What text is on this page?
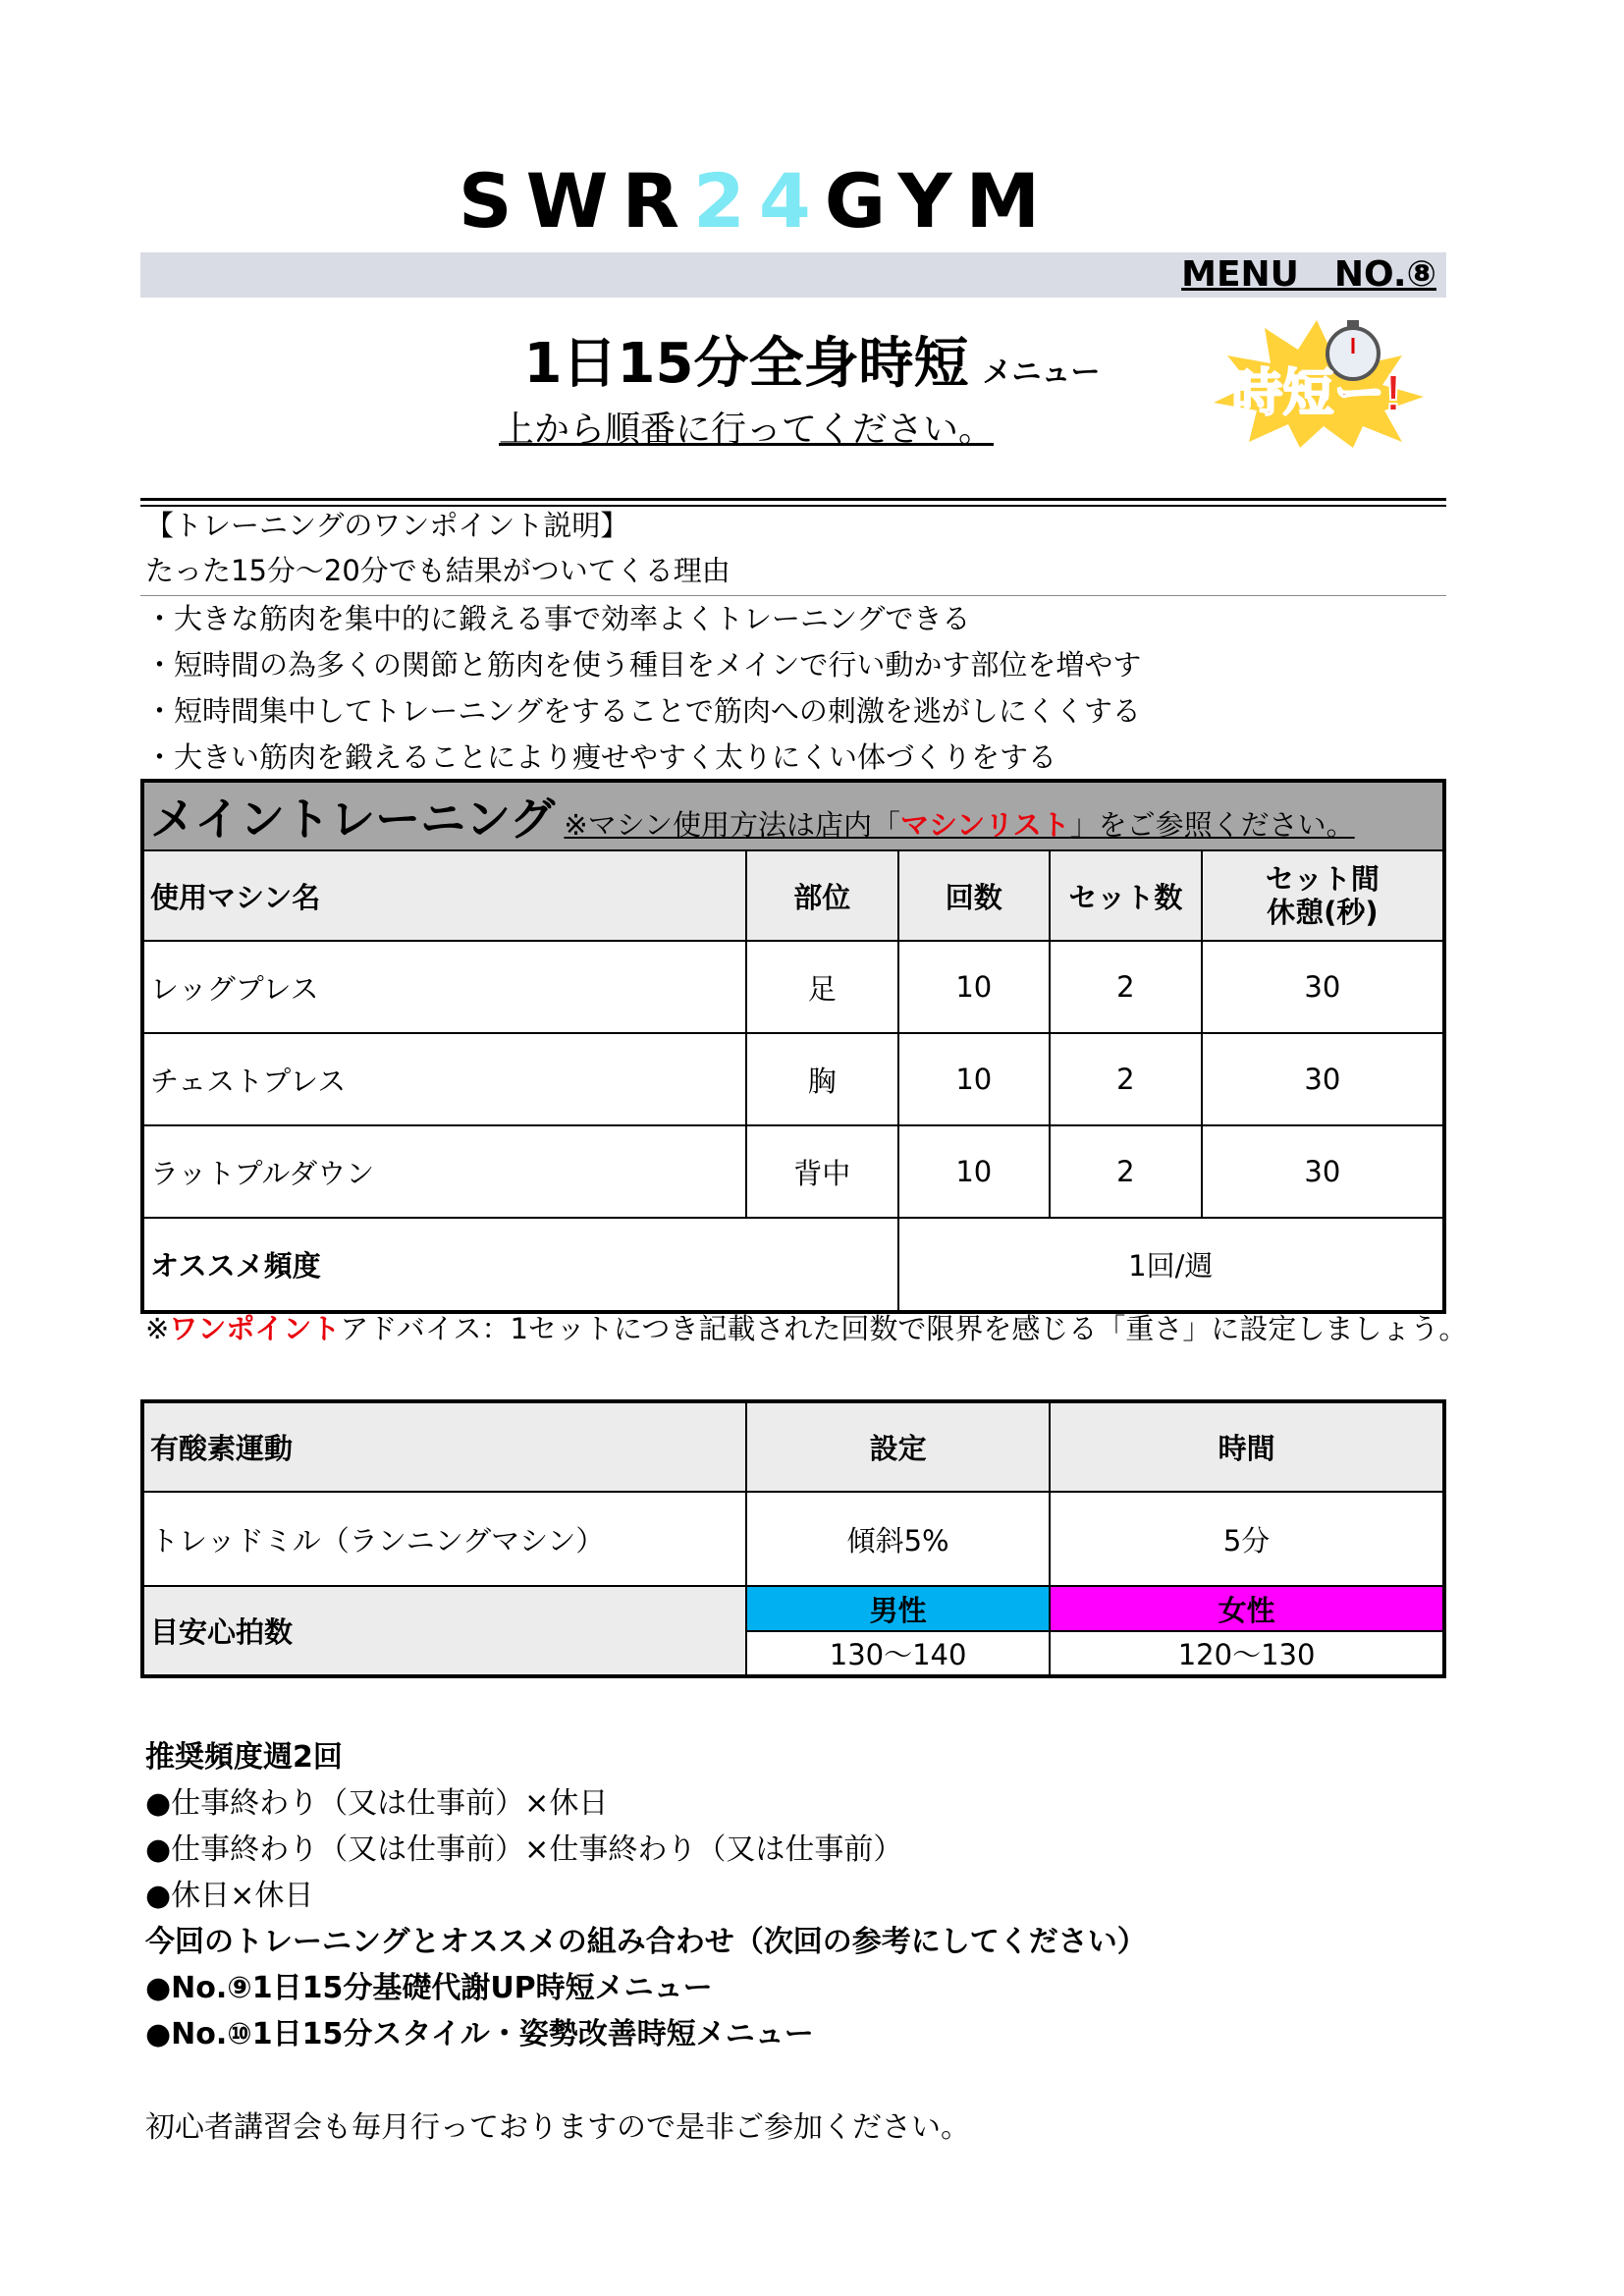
SWR24GYM
MENU　NO.⑧
1日15分全身時短 メニュー
上から順番に行ってください。
時短ー!
【トレーニングのワンポイント説明】
たった15分～20分でも結果がついてくる理由
・大きな筋肉を集中的に鍛える事で効率よくトレーニングできる
・短時間の為多くの関節と筋肉を使う種目をメインで行い動かす部位を増やす
・短時間集中してトレーニングをすることで筋肉への刺激を逃がしにくくする
・大きい筋肉を鍛えることにより痩せやすく太りにくい体づくりをする
メイントレーニング ※マシン使用方法は店内「マシンリスト」をご参照ください。				
使用マシン名	部位	回数	セット数	セット間
休憩(秒)
レッグプレス	足	10	2	30
チェストプレス	胸	10	2	30
ラットプルダウン	背中	10	2	30
オススメ頻度		1回/週		
※ワンポイントアドバイス：1セットにつき記載された回数で限界を感じる「重さ」に設定しましょう。
有酸素運動	設定	時間
トレッドミル（ランニングマシン）	傾斜5%	5分
目安心拍数	男性	女性
	130～140	120～130
推奨頻度週2回
●仕事終わり（又は仕事前）×休日
●仕事終わり（又は仕事前）×仕事終わり（又は仕事前）
●休日×休日
今回のトレーニングとオススメの組み合わせ（次回の参考にしてください）
●No.⑨1日15分基礎代謝UP時短メニュー
●No.⑩1日15分スタイル・姿勢改善時短メニュー
初心者講習会も毎月行っておりますので是非ご参加ください。
